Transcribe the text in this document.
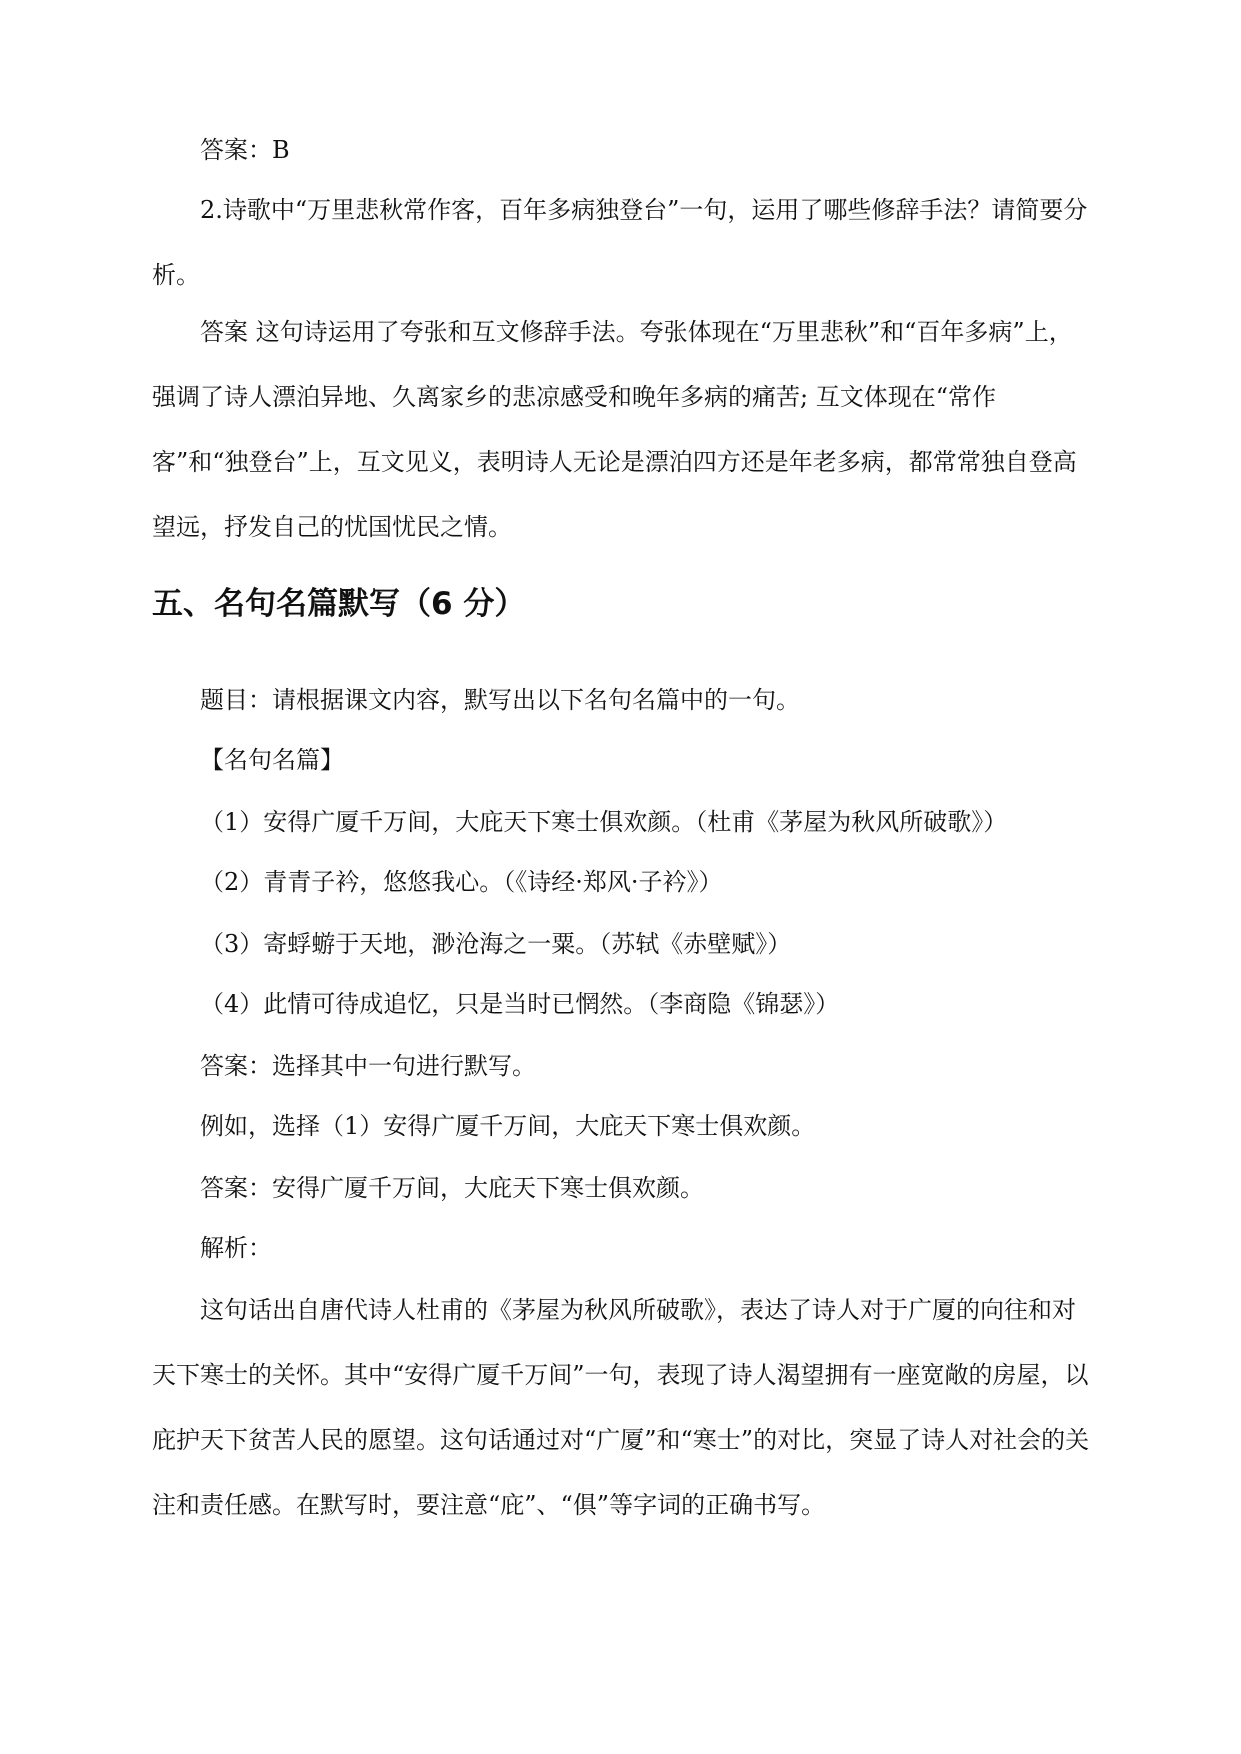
答案：B

2.诗歌中“万里悲秋常作客，百年多病独登台”一句，运用了哪些修辞手法？请简要分析。

答案 这句诗运用了夸张和互文修辞手法。夸张体现在“万里悲秋”和“百年多病”上，强调了诗人漂泊异地、久离家乡的悲凉感受和晚年多病的痛苦; 互文体现在“常作客”和“独登台”上，互文见义，表明诗人无论是漂泊四方还是年老多病，都常常独自登高望远，抒发自己的忧国忧民之情。

五、名句名篇默写（6 分）

题目：请根据课文内容，默写出以下名句名篇中的一句。

【名句名篇】

（1）安得广厦千万间，大庇天下寒士俱欢颜。（杜甫《茅屋为秋风所破歌》）

（2）青青子衿，悠悠我心。（《诗经·郑风·子衿》）

（3）寄蜉蝣于天地，渺沧海之一粟。（苏轼《赤壁赋》）

（4）此情可待成追忆，只是当时已惘然。（李商隐《锦瑟》）

答案：选择其中一句进行默写。

例如，选择（1）安得广厦千万间，大庇天下寒士俱欢颜。

答案：安得广厦千万间，大庇天下寒士俱欢颜。

解析：

这句话出自唐代诗人杜甫的《茅屋为秋风所破歌》，表达了诗人对于广厦的向往和对天下寒士的关怀。其中“安得广厦千万间”一句，表现了诗人渴望拥有一座宽敞的房屋，以庇护天下贫苦人民的愿望。这句话通过对“广厦”和“寒士”的对比，突显了诗人对社会的关注和责任感。在默写时，要注意“庇”、“俱”等字词的正确书写。
